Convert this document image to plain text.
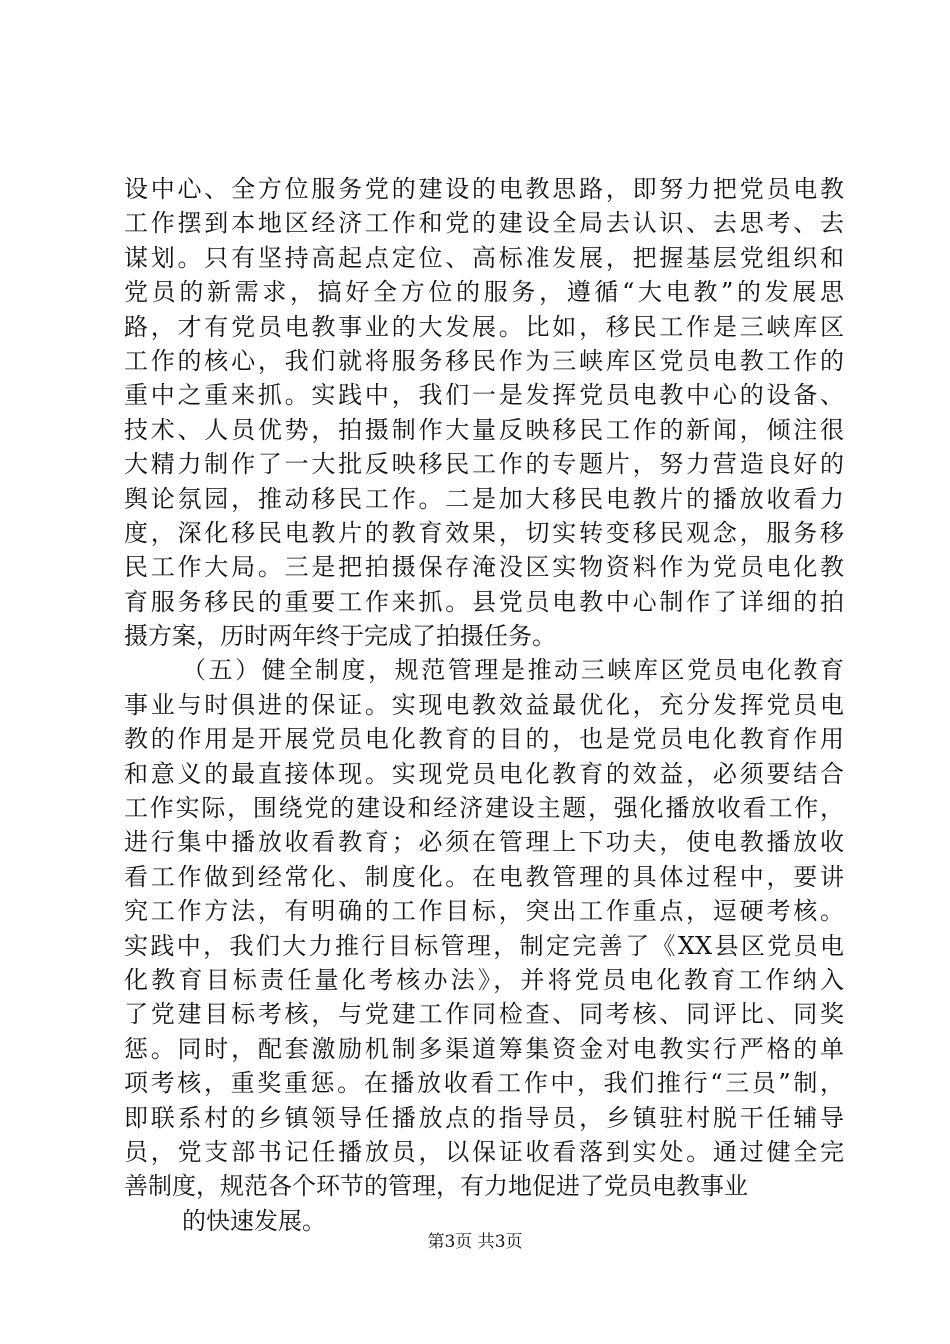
设中心、全方位服务党的建设的电教思路，即努力把党员电教
工作摆到本地区经济工作和党的建设全局去认识、去思考、去
谋划。只有坚持高起点定位、高标准发展，把握基层党组织和
党员的新需求，搞好全方位的服务，遵循“大电教”的发展思
路，才有党员电教事业的大发展。比如，移民工作是三峡库区
工作的核心，我们就将服务移民作为三峡库区党员电教工作的
重中之重来抓。实践中，我们一是发挥党员电教中心的设备、
技术、人员优势，拍摄制作大量反映移民工作的新闻，倾注很
大精力制作了一大批反映移民工作的专题片，努力营造良好的
舆论氛园，推动移民工作。二是加大移民电教片的播放收看力
度，深化移民电教片的教育效果，切实转变移民观念，服务移
民工作大局。三是把拍摄保存淹没区实物资料作为党员电化教
育服务移民的重要工作来抓。县党员电教中心制作了详细的拍
摄方案，历时两年终于完成了拍摄任务。
（五）健全制度，规范管理是推动三峡库区党员电化教育
事业与时俱进的保证。实现电教效益最优化，充分发挥党员电
教的作用是开展党员电化教育的目的，也是党员电化教育作用
和意义的最直接体现。实现党员电化教育的效益，必须要结合
工作实际，围绕党的建设和经济建设主题，强化播放收看工作，
进行集中播放收看教育；必须在管理上下功夫，使电教播放收
看工作做到经常化、制度化。在电教管理的具体过程中，要讲
究工作方法，有明确的工作目标，突出工作重点，逗硬考核。
实践中，我们大力推行目标管理，制定完善了《XX县区党员电
化教育目标责任量化考核办法》，并将党员电化教育工作纳入
了党建目标考核，与党建工作同检查、同考核、同评比、同奖
惩。同时，配套激励机制多渠道筹集资金对电教实行严格的单
项考核，重奖重惩。在播放收看工作中，我们推行“三员”制，
即联系村的乡镇领导任播放点的指导员，乡镇驻村脱干任辅导
员，党支部书记任播放员，以保证收看落到实处。通过健全完
善制度，规范各个环节的管理，有力地促进了党员电教事业
的快速发展。
第3页 共3页
